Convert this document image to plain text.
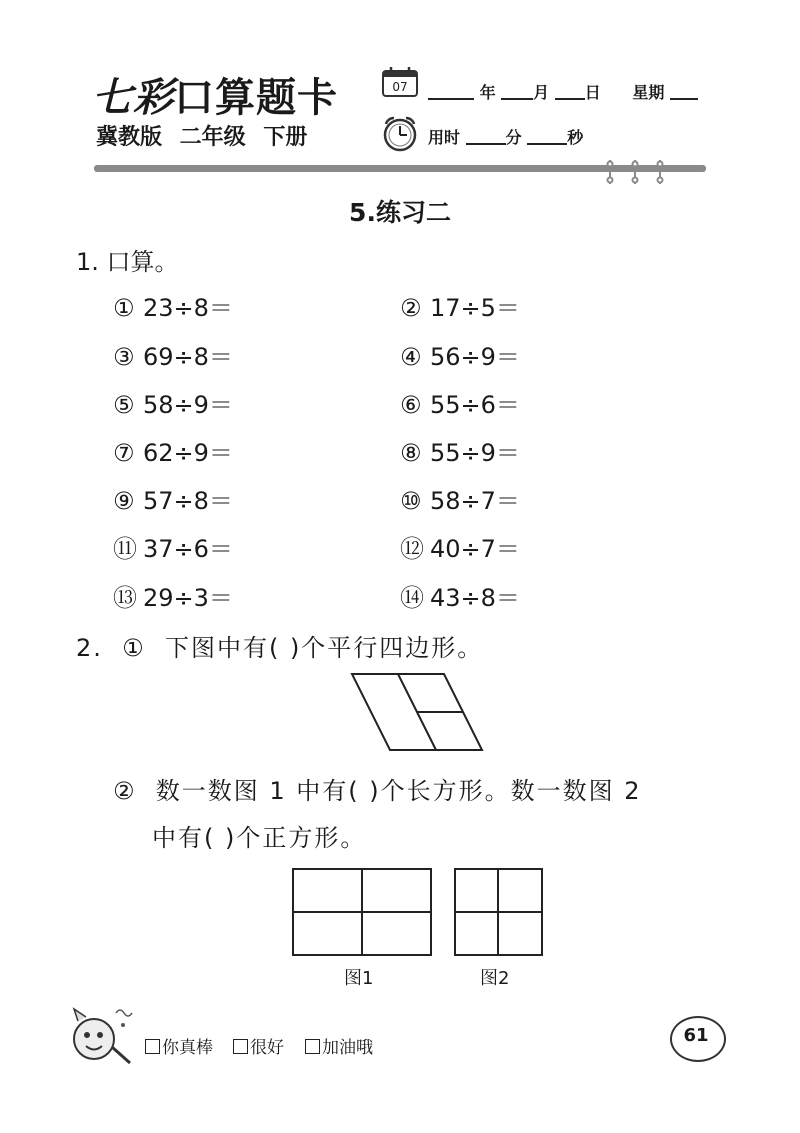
七彩口算题卡
冀教版 二年级 下册
07	年 月 日 星期
用时	分	秒
5.练习二
1. 口算。
① 23÷8＝	② 17÷5＝
③ 69÷8＝	④ 56÷9＝
⑤ 58÷9＝	⑥ 55÷6＝
⑦ 62÷9＝	⑧ 55÷9＝
⑨ 57÷8＝	⑩ 58÷7＝
⑪ 37÷6＝	⑫ 40÷7＝
⑬ 29÷3＝	⑭ 43÷8＝
2. ① 下图中有( )个平行四边形。
② 数一数图 1 中有( )个长方形。数一数图 2
中有( )个正方形。
图1	图2
你真棒	很好	加油哦
61
